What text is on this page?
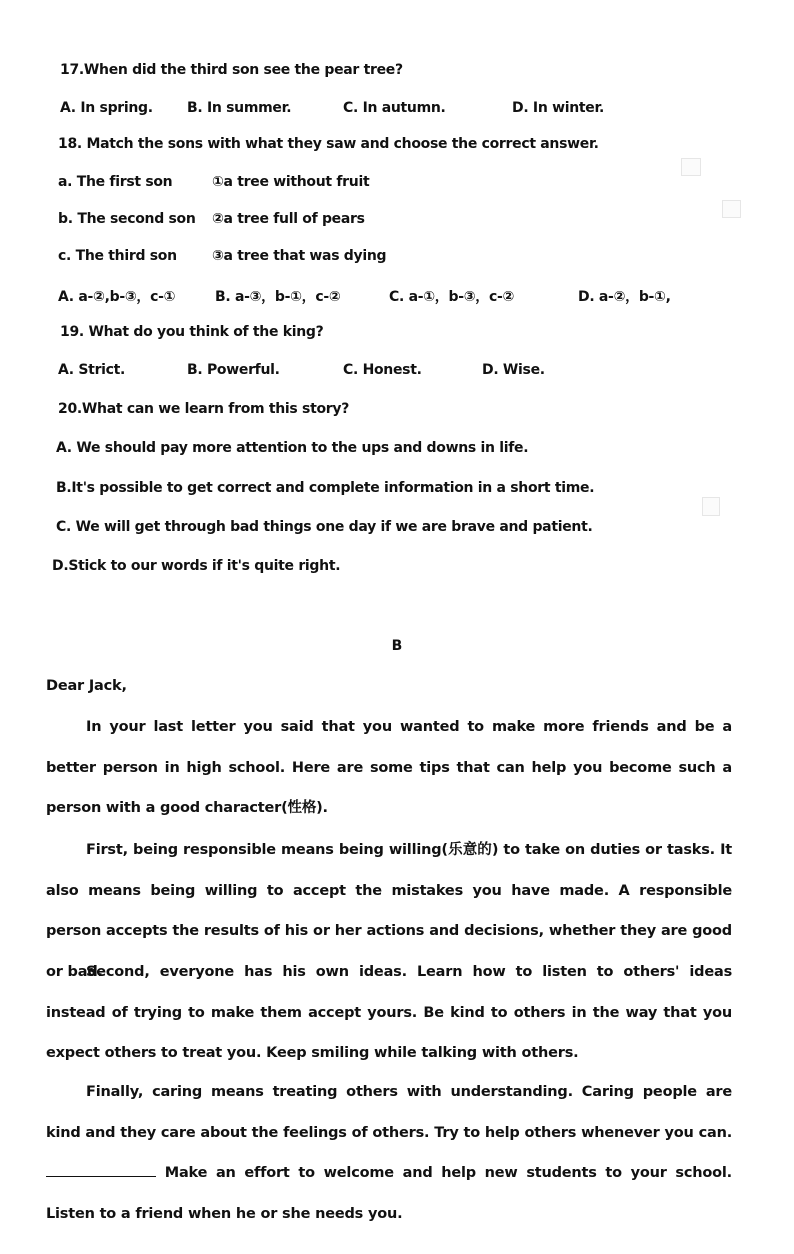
17.When did the third son see the pear tree?
A. In spring. B. In summer.	C. In autumn.	D. In winter.
18. Match the sons with what they saw and choose the correct answer.
a. The first son	①a tree without fruit
b. The second son ②a tree full of pears
c. The third son	③a tree that was dying
A. a-②,b-③，c-①	B. a-③，b-①，c-②	C. a-①，b-③，c-②	D. a-②，b-①,
19. What do you think of the king?
A. Strict.	B. Powerful.	C. Honest.	D. Wise.
20.What can we learn from this story?
A. We should pay more attention to the ups and downs in life.
B.It's possible to get correct and complete information in a short time.
C. We will get through bad things one day if we are brave and patient.
D.Stick to our words if it's quite right.
B
Dear Jack,
In your last letter you said that you wanted to make more friends and be a better person in high school. Here are some tips that can help you become such a person with a good character(性格).
First, being responsible means being willing(乐意的) to take on duties or tasks. It also means being willing to accept the mistakes you have made. A responsible person accepts the results of his or her actions and decisions, whether they are good or bad.
Second, everyone has his own ideas. Learn how to listen to others' ideas instead of trying to make them accept yours. Be kind to others in the way that you expect others to treat you. Keep smiling while talking with others.
Finally, caring means treating others with understanding. Caring people are kind and they care about the feelings of others. Try to help others whenever you can.  Make an effort to welcome and help new students to your school. Listen to a friend when he or she needs you.
